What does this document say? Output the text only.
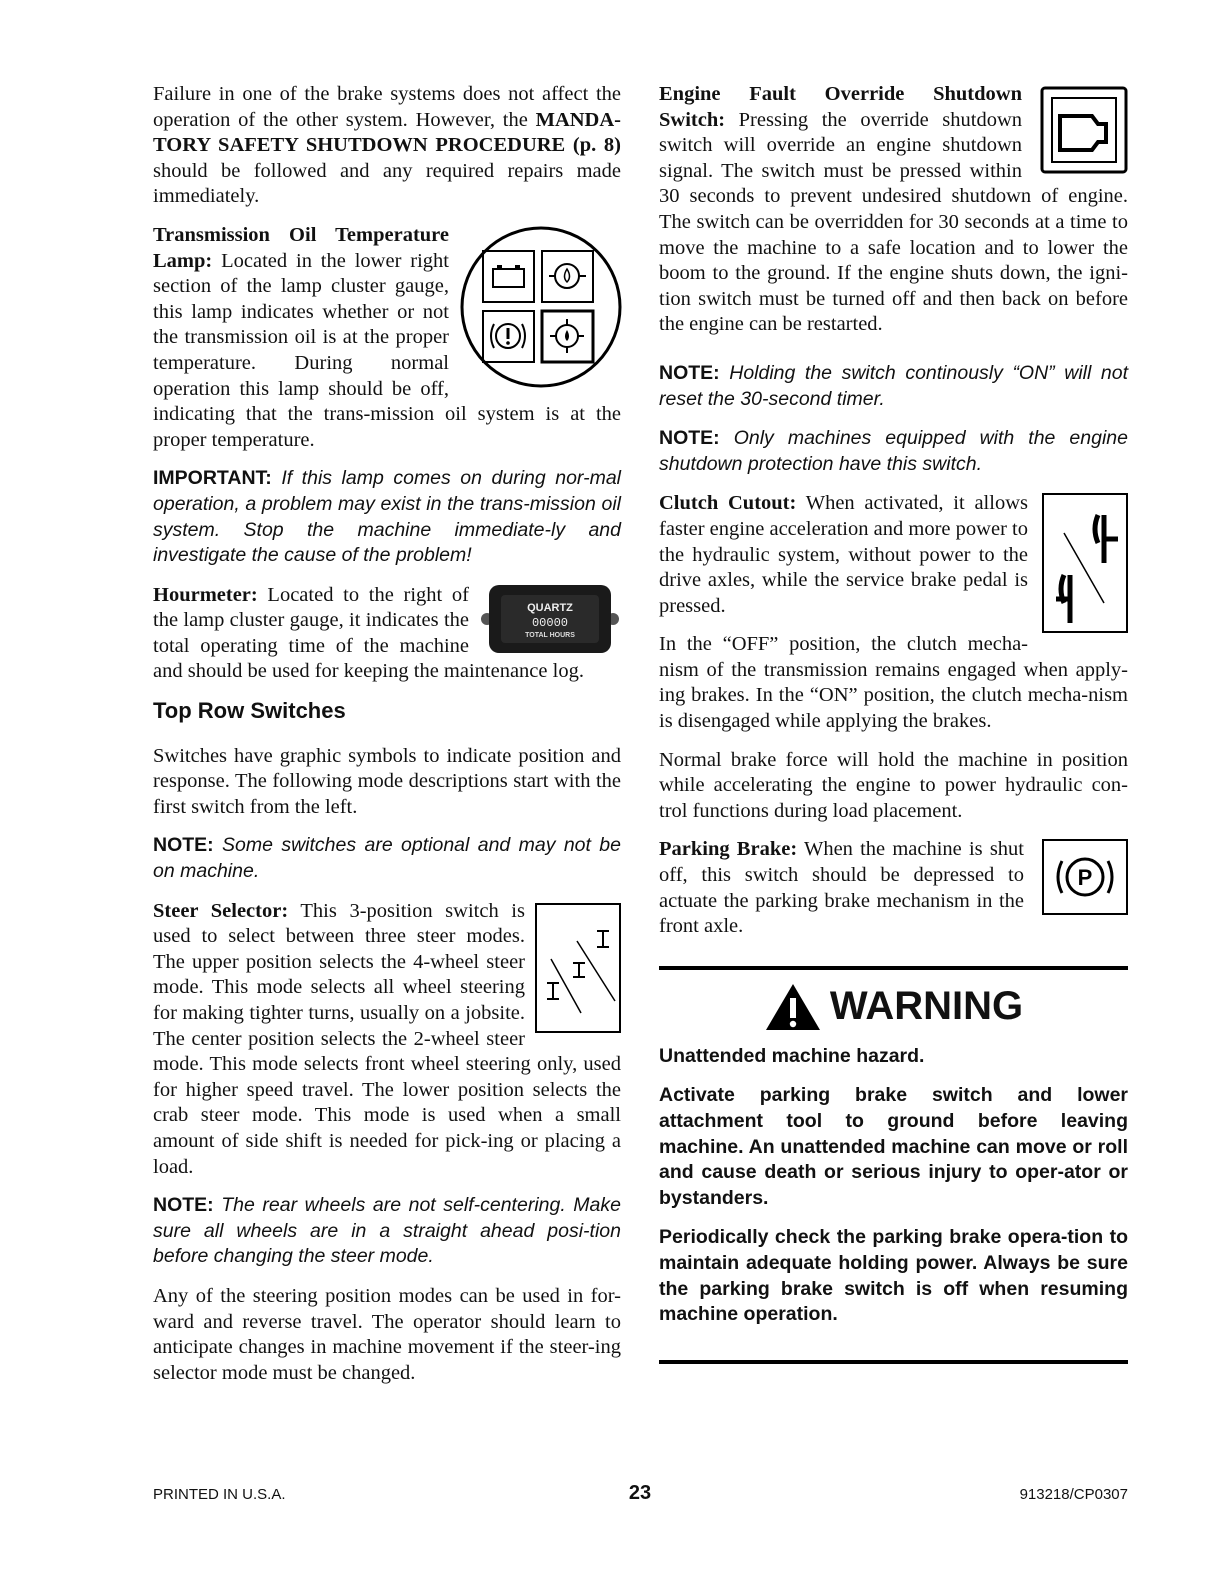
Failure in one of the brake systems does not affect the operation of the other system. However, the MANDA-TORY SAFETY SHUTDOWN PROCEDURE (p. 8) should be followed and any required repairs made immediately.

Transmission Oil Temperature Lamp: Located in the lower right section of the lamp cluster gauge, this lamp indicates whether or not the transmission oil is at the proper temperature. During normal operation this lamp should be off, indicating that the trans-mission oil system is at the proper temperature.

IMPORTANT: If this lamp comes on during nor-mal operation, a problem may exist in the trans-mission oil system. Stop the machine immediate-ly and investigate the cause of the problem!

QUARTZ
00000
TOTAL HOURS

Hourmeter: Located to the right of the lamp cluster gauge, it indicates the total operating time of the machine and should be used for keeping the maintenance log.

Top Row Switches

Switches have graphic symbols to indicate position and response. The following mode descriptions start with the first switch from the left.

NOTE: Some switches are optional and may not be on machine.

Steer Selector: This 3-position switch is used to select between three steer modes. The upper position selects the 4-wheel steer mode. This mode selects all wheel steering for making tighter turns, usually on a jobsite. The center position selects the 2-wheel steer mode. This mode selects front wheel steering only, used for higher speed travel. The lower position selects the crab steer mode. This mode is used when a small amount of side shift is needed for pick-ing or placing a load.

NOTE: The rear wheels are not self-centering. Make sure all wheels are in a straight ahead posi-tion before changing the steer mode.

Any of the steering position modes can be used in for-ward and reverse travel. The operator should learn to anticipate changes in machine movement if the steer-ing selector mode must be changed.

Engine Fault Override Shutdown Switch: Pressing the override shutdown switch will override an engine shutdown signal. The switch must be pressed within 30 seconds to prevent undesired shutdown of engine. The switch can be overridden for 30 seconds at a time to move the machine to a safe location and to lower the boom to the ground. If the engine shuts down, the igni-tion switch must be turned off and then back on before the engine can be restarted.

NOTE: Holding the switch continously “ON” will not reset the 30-second timer.

NOTE: Only machines equipped with the engine shutdown protection have this switch.

Clutch Cutout: When activated, it allows faster engine acceleration and more power to the hydraulic system, without power to the drive axles, while the service brake pedal is pressed.

In the “OFF” position, the clutch mecha-nism of the transmission remains engaged when apply-ing brakes. In the “ON” position, the clutch mecha-nism is disengaged while applying the brakes.

Normal brake force will hold the machine in position while accelerating the engine to power hydraulic con-trol functions during load placement.

P

Parking Brake: When the machine is shut off, this switch should be depressed to actuate the parking brake mechanism in the front axle.

WARNING

Unattended machine hazard.

Activate parking brake switch and lower attachment tool to ground before leaving machine. An unattended machine can move or roll and cause death or serious injury to oper-ator or bystanders.

Periodically check the parking brake opera-tion to maintain adequate holding power. Always be sure the parking brake switch is off when resuming machine operation.

PRINTED IN U.S.A.	23	913218/CP0307
